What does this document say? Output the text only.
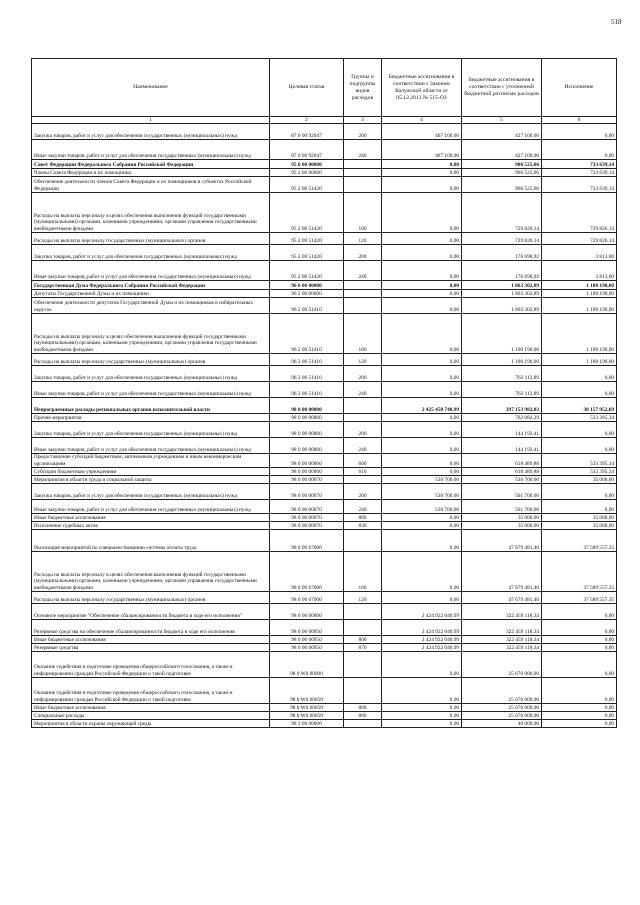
518
Наименование	Целевая статья	Группы и подгруппы видов расходов	Бюджетные ассигнования в соответствии с Законом Калужской области от 05.12.2013 № 515-ОЗ	Бюджетные ассигнования в соответствии с уточненной бюджетной росписью расходов	Исполнение
1	2	3	4	5	6
Закупка товаров, работ и услуг для обеспечения государственных (муниципальных) нужд	87 0 00 92047	200	467 100,00	427 100,00	0,00
Иные закупки товаров, работ и услуг для обеспечения государственных (муниципальных) нужд	87 0 00 92047	240	467 100,00	427 100,00	0,00
Совет Федерации Федерального Собрания Российской Федерации	95 0 00 00000		0,00	906 525,06	733 639,14
Члены Совета Федерации и их помощники	95 2 00 00000		0,00	906 525,06	733 639,14
Обеспечение деятельности членов Совета Федерации и их помощников в субъектах Российской Федерации	95 2 00 51420		0,00	906 525,06	733 639,14
Расходы на выплаты персоналу в целях обеспечения выполнения функций государственными (муниципальными) органами, казенными учреждениями, органами управления государственными внебюджетными фондами	95 2 00 51420	100	0,00	729 826,14	729 826,14
Расходы на выплаты персоналу государственных (муниципальных) органов	95 2 00 51420	120	0,00	729 826,14	729 826,14
Закупка товаров, работ и услуг для обеспечения государственных (муниципальных) нужд	95 2 00 51420	200	0,00	176 698,92	3 813,00
Иные закупки товаров, работ и услуг для обеспечения государственных (муниципальных) нужд	95 2 00 51420	240	0,00	176 698,92	3 813,00
Государственная Дума Федерального Собрания Российской Федерации	96 0 00 00000		0,00	1 863 302,89	1 100 190,00
Депутаты Государственной Думы и их помощники	96 2 00 00000		0,00	1 863 302,89	1 100 190,00
Обеспечение деятельности депутатов Государственной Думы и их помощников в избирательных округах	96 2 00 51410		0,00	1 863 302,89	1 100 190,00
Расходы на выплаты персоналу в целях обеспечения выполнения функций государственными (муниципальными) органами, казенными учреждениями, органами управления государственными внебюджетными фондами	96 2 00 51410	100	0,00	1 100 190,00	1 100 190,00
Расходы на выплаты персоналу государственных (муниципальных) органов	96 2 00 51410	120	0,00	1 100 190,00	1 100 190,00
Закупка товаров, работ и услуг для обеспечения государственных (муниципальных) нужд	96 2 00 51410	200	0,00	763 112,89	0,00
Иные закупки товаров, работ и услуг для обеспечения государственных (муниципальных) нужд	96 2 00 51410	240	0,00	763 112,89	0,00
Непрограммные расходы региональных органов исполнительной власти	98 0 00 00000		2 425 458 740,99	397 153 982,03	38 157 952,69
Прочие мероприятия	98 0 00 00060		0,00	762 682,29	533 395,34
Закупка товаров, работ и услуг для обеспечения государственных (муниципальных) нужд	98 0 00 00060	200	0,00	144 192,41	0,00
Иные закупки товаров, работ и услуг для обеспечения государственных (муниципальных) нужд	98 0 00 00060	240	0,00	144 192,41	0,00
Предоставление субсидий бюджетным, автономным учреждениям и иным некоммерческим организациям	98 0 00 00060	600	0,00	618 489,88	533 395,34
Субсидии бюджетным учреждениям	98 0 00 00060	610	0,00	618 489,88	533 395,34
Мероприятия в области труда и социальной защиты	98 0 00 00070		536 700,00	536 700,00	35 000,00
Закупка товаров, работ и услуг для обеспечения государственных (муниципальных) нужд	98 0 00 00070	200	536 700,00	501 700,00	0,00
Иные закупки товаров, работ и услуг для обеспечения государственных (муниципальных) нужд	98 0 00 00070	240	536 700,00	501 700,00	0,00
Иные бюджетные ассигнования	98 0 00 00070	800	0,00	35 000,00	35 000,00
Исполнение судебных актов	98 0 00 00070	830	0,00	35 000,00	35 000,00
Реализация мероприятий по совершенствованию системы оплаты труда	98 0 00 67000		0,00	47 679 481,40	37 589 557,35
Расходы на выплаты персоналу в целях обеспечения выполнения функций государственными (муниципальными) органами, казенными учреждениями, органами управления государственными внебюджетными фондами	98 0 00 67000	100	0,00	47 679 481,40	37 589 557,35
Расходы на выплаты персоналу государственных (муниципальных) органов	98 0 00 67000	120	0,00	47 679 481,40	37 589 557,35
Основное мероприятие "Обеспечение сбалансированности бюджета в ходе его исполнения"	98 0 06 00000		2 424 922 040,99	322 459 118,34	0,00
Резервные средства на обеспечение сбалансированности бюджета в ходе его исполнения	98 0 06 00950		2 424 922 040,99	322 459 118,34	0,00
Иные бюджетные ассигнования	98 0 06 00950	800	2 424 922 040,99	322 459 118,34	0,00
Резервные средства	98 0 06 00950	870	2 424 922 040,99	322 459 118,34	0,00
Оказание содействия в подготовке проведения общероссийского голосования, а также в информировании граждан Российской Федерации о такой подготовке	98 0 W0 00000		0,00	25 676 000,00	0,00
Оказание содействия в подготовке проведения общероссийского голосования, а также в информировании граждан Российской Федерации о такой подготовке	98 0 W0 00050		0,00	25 676 000,00	0,00
Иные бюджетные ассигнования	98 0 W0 00050	800	0,00	25 676 000,00	0,00
Специальные расходы	98 0 W0 00050	880	0,00	25 676 000,00	0,00
Мероприятия в области охраны окружающей среды	98 3 00 00000		0,00	40 000,00	0,00
